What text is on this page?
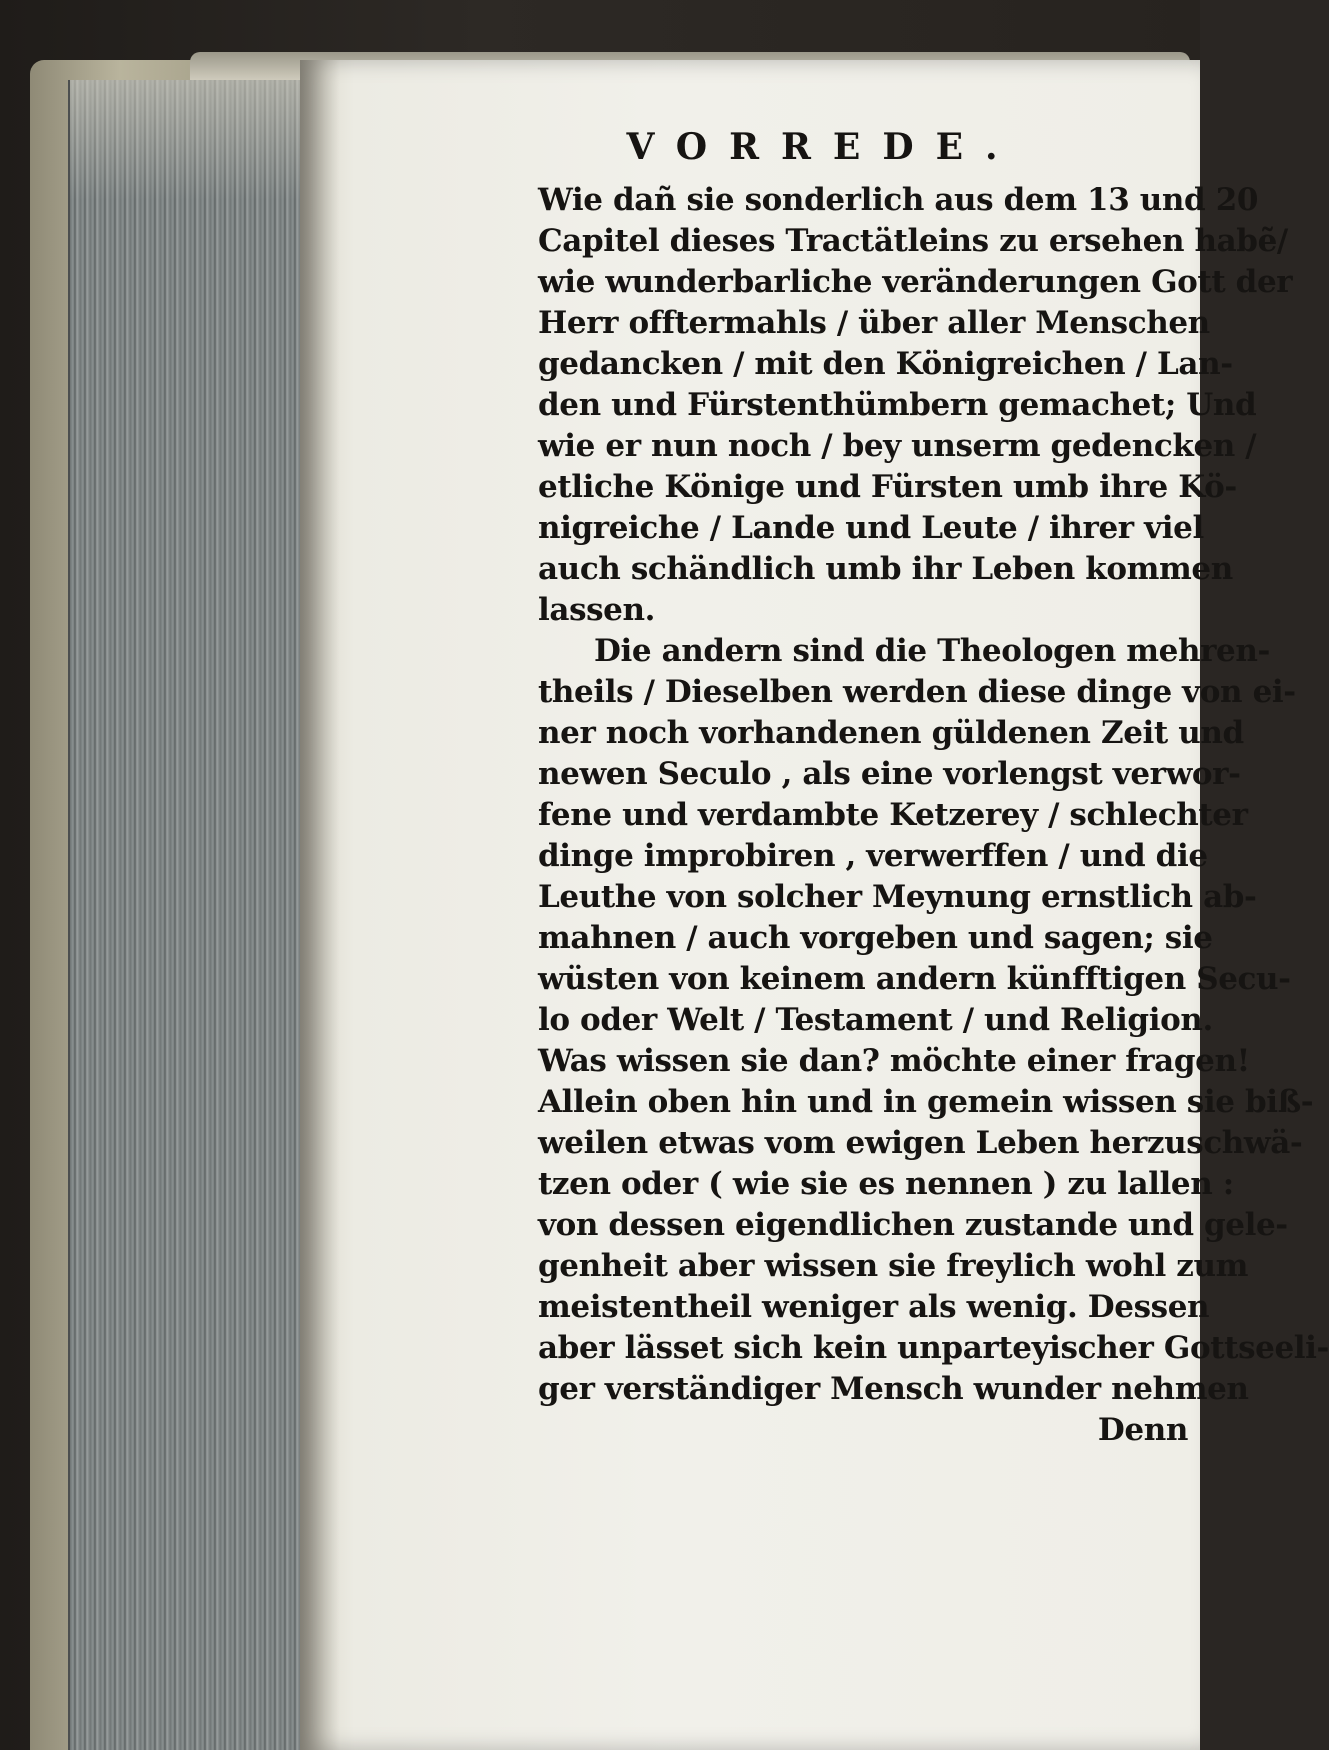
VORREDE.
Wie dañ sie sonderlich aus dem 13 und 20
Capitel dieses Tractätleins zu ersehen habẽ/
wie wunderbarliche veränderungen Gott der
Herr offtermahls / über aller Menschen
gedancken / mit den Königreichen / Lan-
den und Fürstenthümbern gemachet; Und
wie er nun noch / bey unserm gedencken /
etliche Könige und Fürsten umb ihre Kö-
nigreiche / Lande und Leute / ihrer viel
auch schändlich umb ihr Leben kommen
lassen.
Die andern sind die Theologen mehren-
theils / Dieselben werden diese dinge von ei-
ner noch vorhandenen güldenen Zeit und
newen Seculo , als eine vorlengst verwor-
fene und verdambte Ketzerey / schlechter
dinge improbiren , verwerffen / und die
Leuthe von solcher Meynung ernstlich ab-
mahnen / auch vorgeben und sagen; sie
wüsten von keinem andern künfftigen Secu-
lo oder Welt / Testament / und Religion.
Was wissen sie dan? möchte einer fragen!
Allein oben hin und in gemein wissen sie biß-
weilen etwas vom ewigen Leben herzuschwä-
tzen oder ( wie sie es nennen ) zu lallen :
von dessen eigendlichen zustande und gele-
genheit aber wissen sie freylich wohl zum
meistentheil weniger als wenig. Dessen
aber lässet sich kein unparteyischer Gottseeli-
ger verständiger Mensch wunder nehmen
Denn
